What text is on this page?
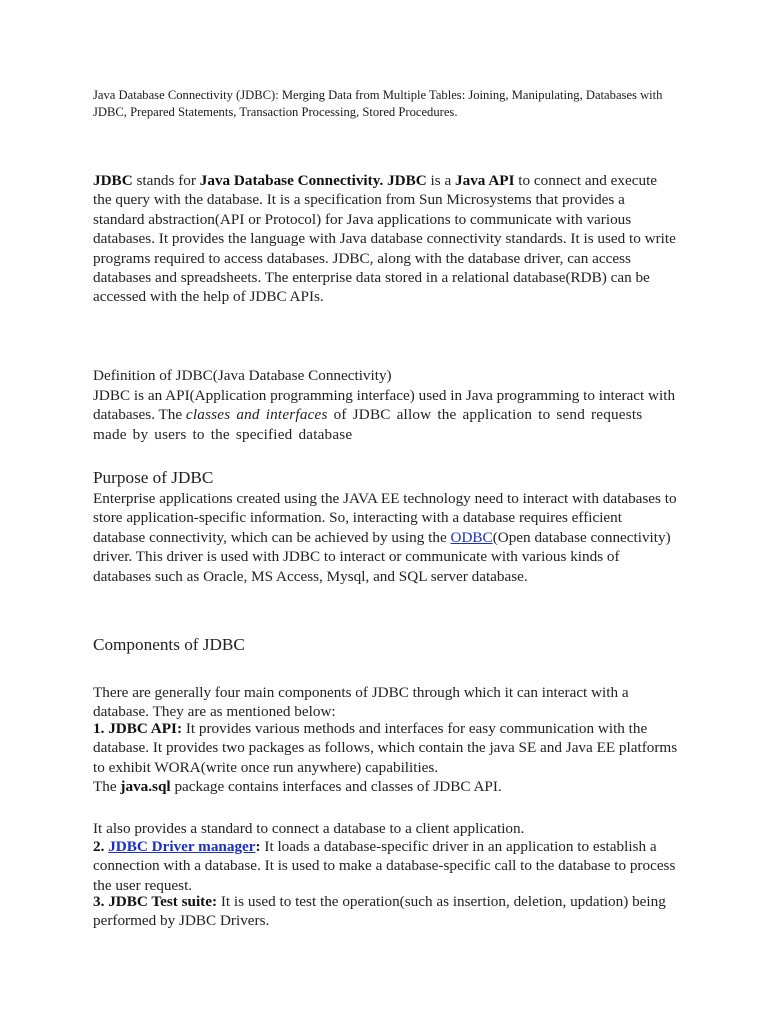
Java Database Connectivity (JDBC): Merging Data from Multiple Tables: Joining, Manipulating, Databases with JDBC, Prepared Statements, Transaction Processing, Stored Procedures.
JDBC stands for Java Database Connectivity. JDBC is a Java API to connect and execute the query with the database. It is a specification from Sun Microsystems that provides a standard abstraction(API or Protocol) for Java applications to communicate with various databases. It provides the language with Java database connectivity standards. It is used to write programs required to access databases. JDBC, along with the database driver, can access databases and spreadsheets. The enterprise data stored in a relational database(RDB) can be accessed with the help of JDBC APIs.
Definition of JDBC(Java Database Connectivity)
JDBC is an API(Application programming interface) used in Java programming to interact with databases. The classes and interfaces of JDBC allow the application to send requests made by users to the specified database
Purpose of JDBC
Enterprise applications created using the JAVA EE technology need to interact with databases to store application-specific information. So, interacting with a database requires efficient database connectivity, which can be achieved by using the ODBC(Open database connectivity) driver. This driver is used with JDBC to interact or communicate with various kinds of databases such as Oracle, MS Access, Mysql, and SQL server database.
Components of JDBC
There are generally four main components of JDBC through which it can interact with a database. They are as mentioned below:
1. JDBC API: It provides various methods and interfaces for easy communication with the database. It provides two packages as follows, which contain the java SE and Java EE platforms to exhibit WORA(write once run anywhere) capabilities.
The java.sql package contains interfaces and classes of JDBC API.
It also provides a standard to connect a database to a client application.
2. JDBC Driver manager: It loads a database-specific driver in an application to establish a connection with a database. It is used to make a database-specific call to the database to process the user request.
3. JDBC Test suite: It is used to test the operation(such as insertion, deletion, updation) being performed by JDBC Drivers.
